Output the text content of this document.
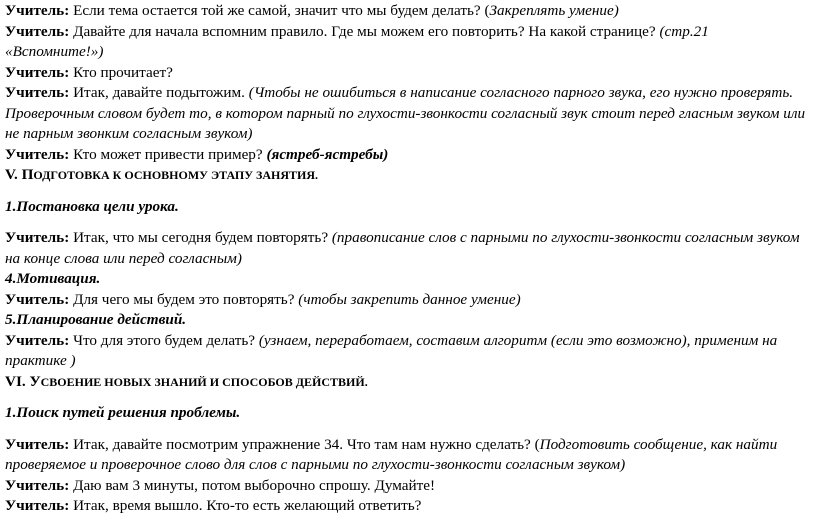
Учитель: Если тема остается той же самой, значит что мы будем делать? (Закреплять умение)

Учитель: Давайте для начала вспомним правило. Где мы можем его повторить? На какой странице? (стр.21 «Вспомните!»)

Учитель: Кто прочитает?

Учитель: Итак, давайте подытожим. (Чтобы не ошибиться в написание согласного парного звука, его нужно проверять. Проверочным словом будет то, в котором парный по глухости-звонкости согласный звук стоит перед гласным звуком или не парным звонким согласным звуком)

Учитель: Кто может привести пример? (ястреб-ястребы)

V. ПОДГОТОВКА К ОСНОВНОМУ ЭТАПУ ЗАНЯТИЯ.

1.Постановка цели урока.

Учитель: Итак, что мы сегодня будем повторять? (правописание слов с парными по глухости-звонкости согласным звуком на конце слова или перед согласным)

4.Мотивация.

Учитель: Для чего мы будем это повторять? (чтобы закрепить данное умение)

5.Планирование действий.

Учитель: Что для этого будем делать? (узнаем, переработаем, составим алгоритм (если это возможно), применим на практике )

VI. УСВОЕНИЕ НОВЫХ ЗНАНИЙ И СПОСОБОВ ДЕЙСТВИЙ.

1.Поиск путей решения проблемы.

Учитель: Итак, давайте посмотрим упражнение 34. Что там нам нужно сделать? (Подготовить сообщение, как найти проверяемое и проверочное слово для слов с парными по глухости-звонкости согласным звуком)

Учитель: Даю вам 3 минуты, потом выборочно спрошу. Думайте!

Учитель: Итак, время вышло. Кто-то есть желающий ответить?
